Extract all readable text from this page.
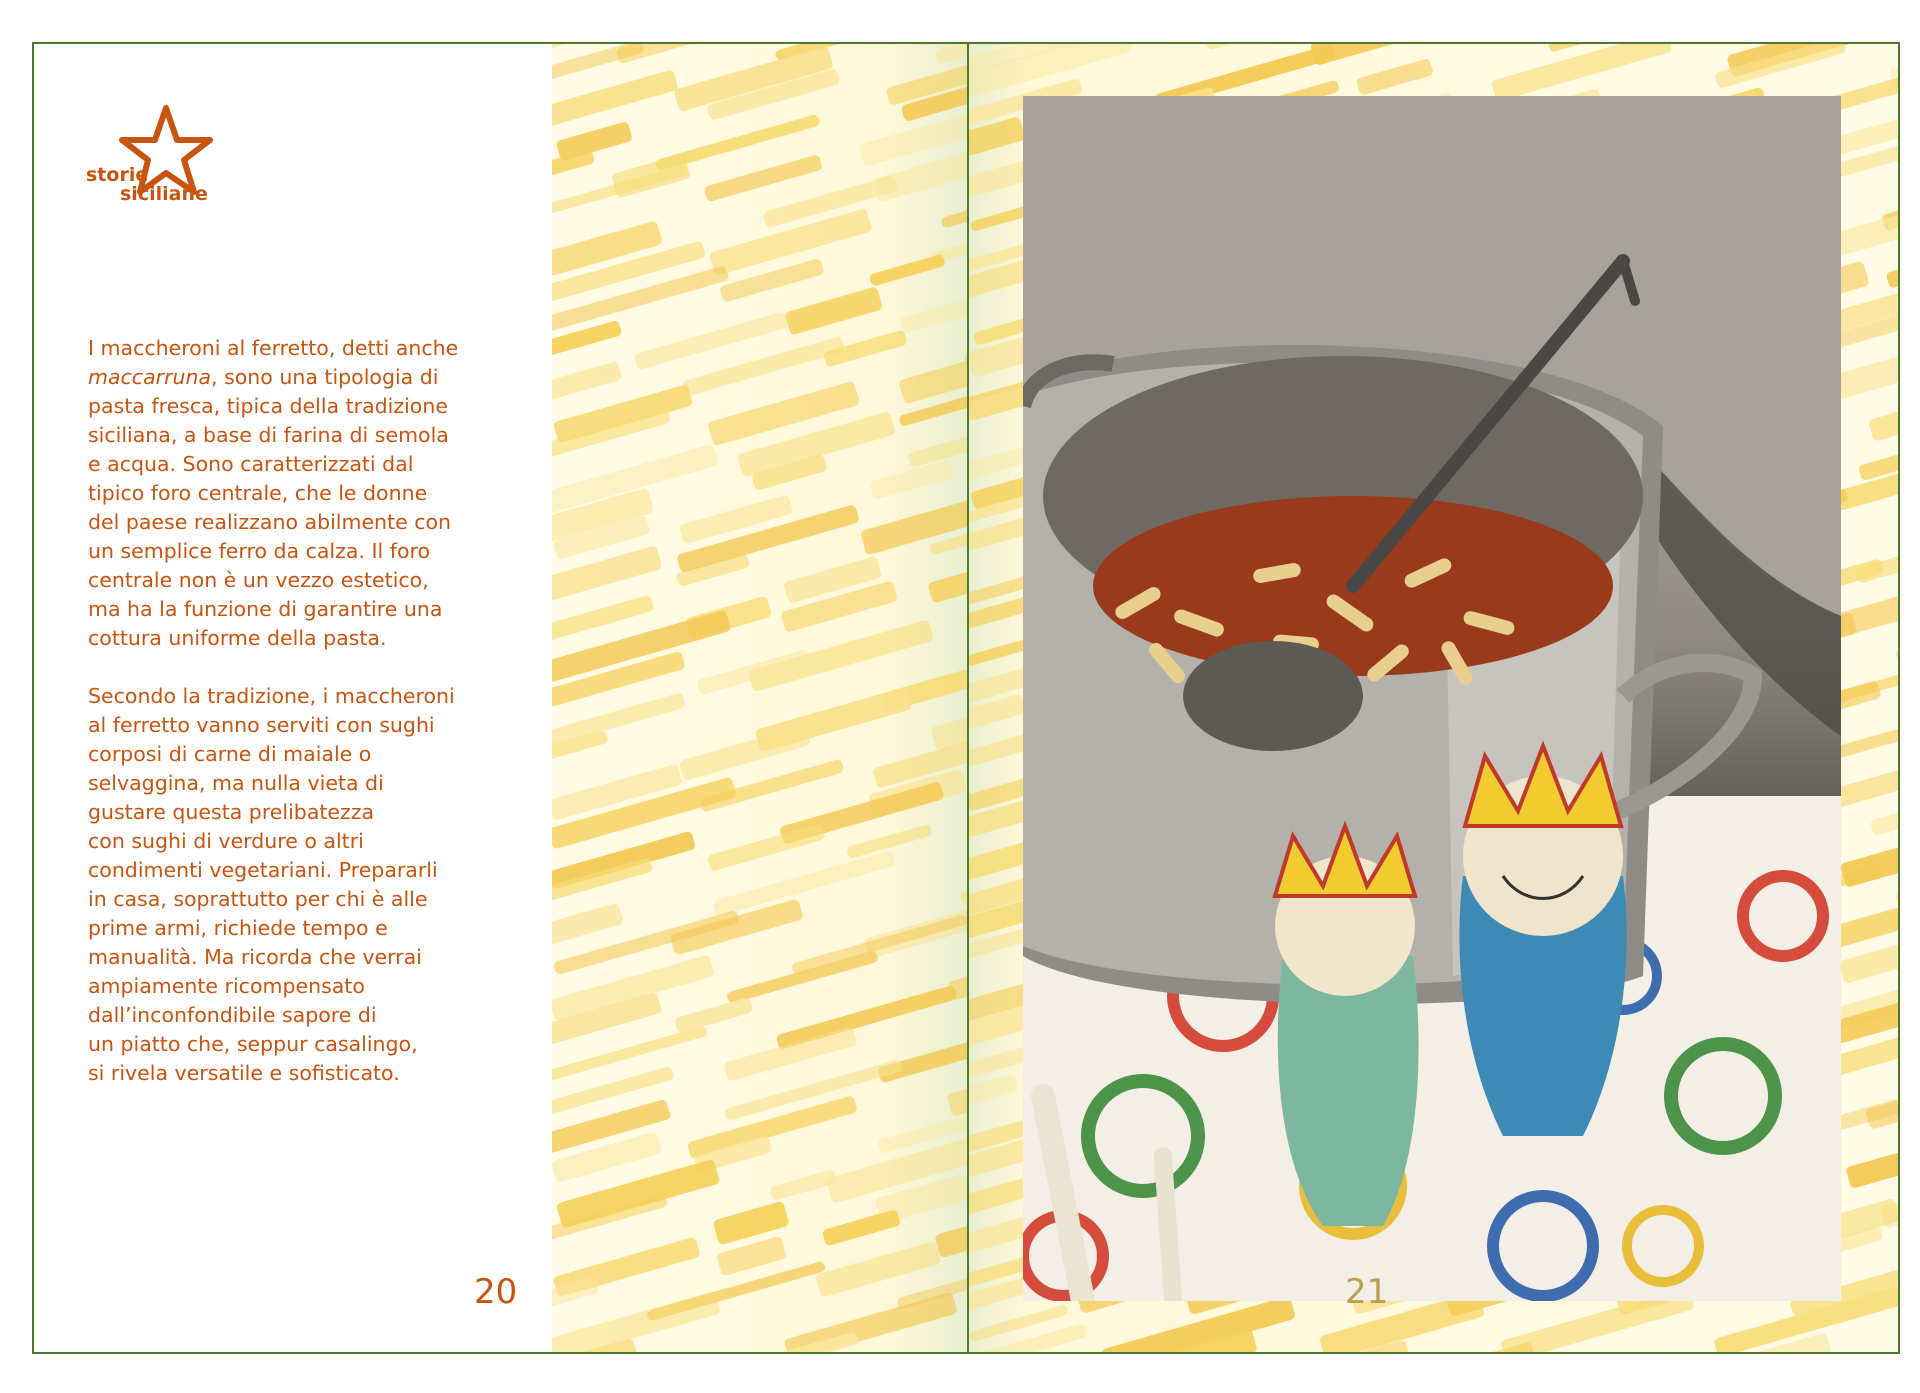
storie
siciliane

I maccheroni al ferretto, detti anche maccarruna, sono una tipologia di
pasta fresca, tipica della tradizione
siciliana, a base di farina di semola
e acqua. Sono caratterizzati dal
tipico foro centrale, che le donne
del paese realizzano abilmente con
un semplice ferro da calza. Il foro
centrale non è un vezzo estetico,
ma ha la funzione di garantire una
cottura uniforme della pasta.

Secondo la tradizione, i maccheroni
al ferretto vanno serviti con sughi
corposi di carne di maiale o
selvaggina, ma nulla vieta di
gustare questa prelibatezza
con sughi di verdure o altri
condimenti vegetariani. Prepararli
in casa, soprattutto per chi è alle
prime armi, richiede tempo e
manualità. Ma ricorda che verrai
ampiamente ricompensato
dall’inconfondibile sapore di
un piatto che, seppur casalingo,
si rivela versatile e sofisticato.

20	21
